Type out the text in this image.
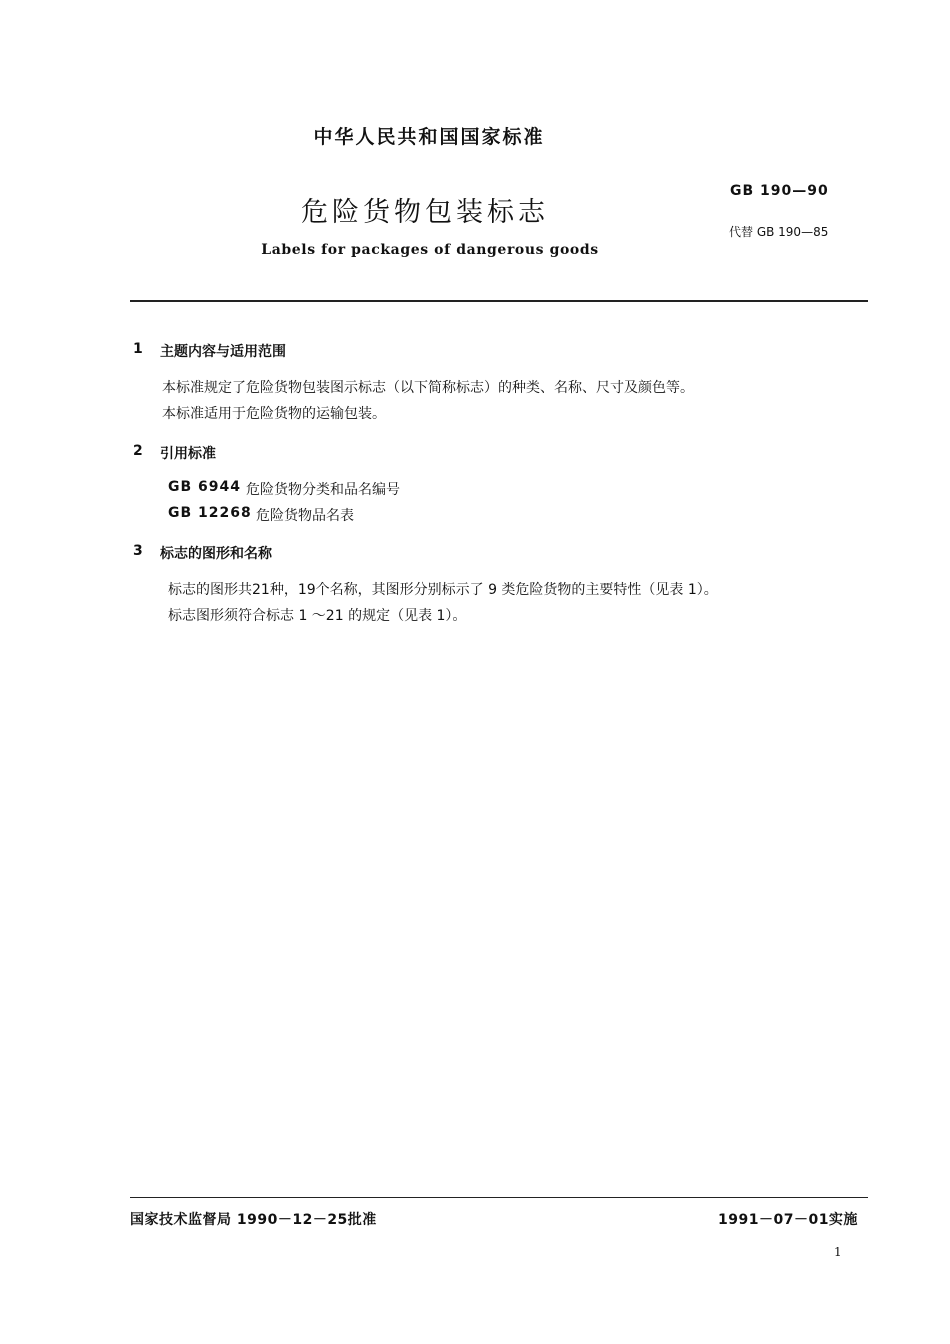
中华人民共和国国家标准
危险货物包装标志
Labels for packages of dangerous goods
GB 190—90
代替 GB 190—85
1 主题内容与适用范围
本标准规定了危险货物包装图示标志（以下简称标志）的种类、名称、尺寸及颜色等。
本标准适用于危险货物的运输包装。
2 引用标准
GB 6944 危险货物分类和品名编号
GB 12268 危险货物品名表
3 标志的图形和名称
标志的图形共21种，19个名称，其图形分别标示了 9 类危险货物的主要特性（见表 1）。
标志图形须符合标志 1 ～21 的规定（见表 1）。
国家技术监督局 1990－12－25批准	1991－07－01实施
1
